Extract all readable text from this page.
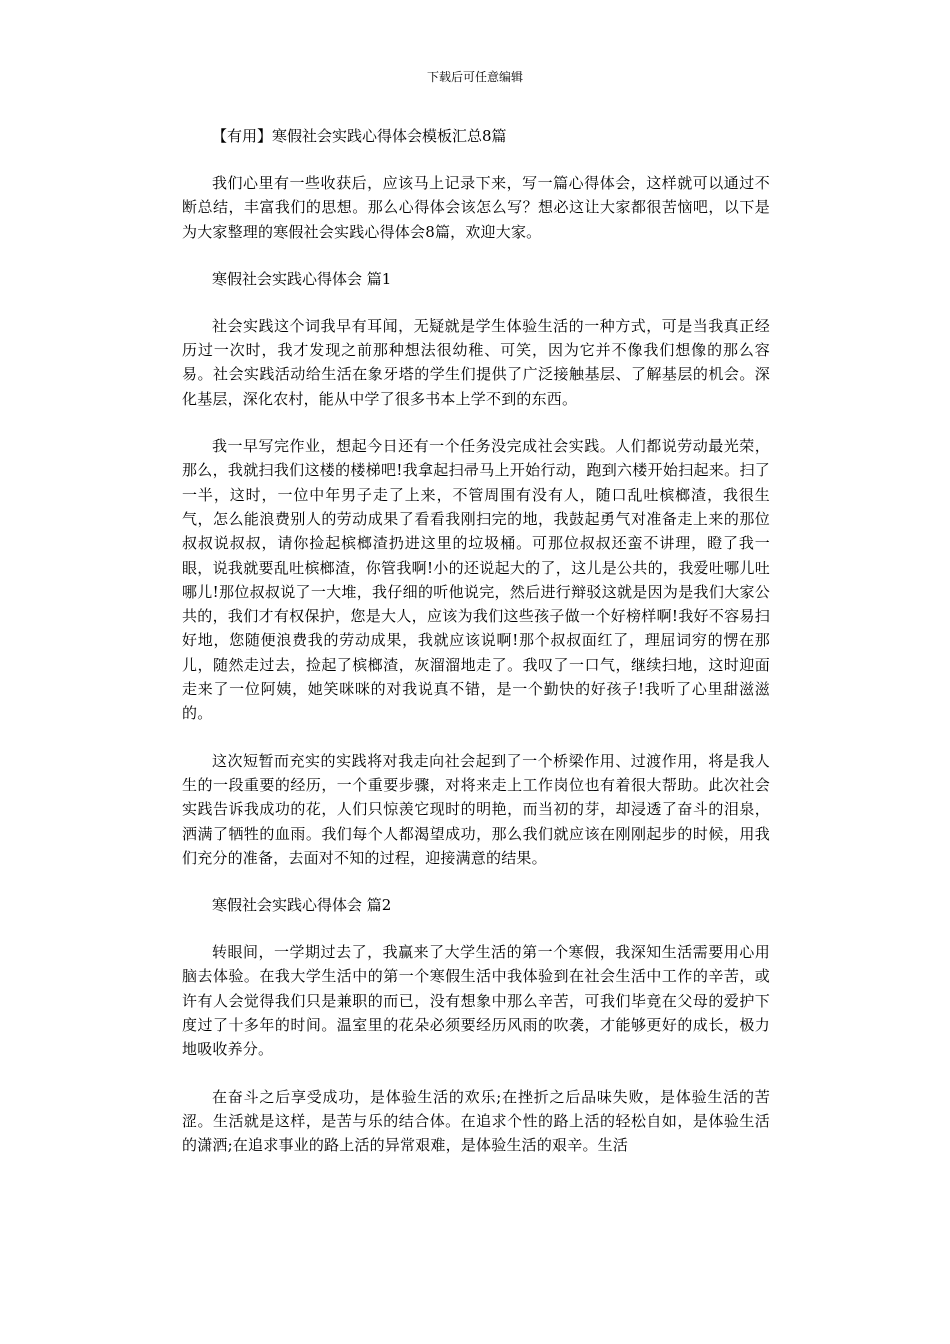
下载后可任意编辑

【有用】寒假社会实践心得体会模板汇总8篇

我们心里有一些收获后，应该马上记录下来，写一篇心得体会，这样就可以通过不断总结，丰富我们的思想。那么心得体会该怎么写？想必这让大家都很苦恼吧，以下是为大家整理的寒假社会实践心得体会8篇，欢迎大家。

寒假社会实践心得体会 篇1

社会实践这个词我早有耳闻，无疑就是学生体验生活的一种方式，可是当我真正经历过一次时，我才发现之前那种想法很幼稚、可笑，因为它并不像我们想像的那么容易。社会实践活动给生活在象牙塔的学生们提供了广泛接触基层、了解基层的机会。深化基层，深化农村，能从中学了很多书本上学不到的东西。

我一早写完作业，想起今日还有一个任务没完成社会实践。人们都说劳动最光荣，那么，我就扫我们这楼的楼梯吧!我拿起扫帚马上开始行动，跑到六楼开始扫起来。扫了一半，这时，一位中年男子走了上来，不管周围有没有人，随口乱吐槟榔渣，我很生气，怎么能浪费别人的劳动成果了看看我刚扫完的地，我鼓起勇气对准备走上来的那位叔叔说叔叔，请你捡起槟榔渣扔进这里的垃圾桶。可那位叔叔还蛮不讲理，瞪了我一眼，说我就要乱吐槟榔渣，你管我啊!小的还说起大的了，这儿是公共的，我爱吐哪儿吐哪儿!那位叔叔说了一大堆，我仔细的听他说完，然后进行辩驳这就是因为是我们大家公共的，我们才有权保护，您是大人，应该为我们这些孩子做一个好榜样啊!我好不容易扫好地，您随便浪费我的劳动成果，我就应该说啊!那个叔叔面红了，理屈词穷的愣在那儿，随然走过去，捡起了槟榔渣，灰溜溜地走了。我叹了一口气，继续扫地，这时迎面走来了一位阿姨，她笑咪咪的对我说真不错，是一个勤快的好孩子!我听了心里甜滋滋的。

这次短暂而充实的实践将对我走向社会起到了一个桥梁作用、过渡作用，将是我人生的一段重要的经历，一个重要步骤，对将来走上工作岗位也有着很大帮助。此次社会实践告诉我成功的花，人们只惊羡它现时的明艳，而当初的芽，却浸透了奋斗的泪泉，洒满了牺牲的血雨。我们每个人都渴望成功，那么我们就应该在刚刚起步的时候，用我们充分的准备，去面对不知的过程，迎接满意的结果。

寒假社会实践心得体会 篇2

转眼间，一学期过去了，我赢来了大学生活的第一个寒假，我深知生活需要用心用脑去体验。在我大学生活中的第一个寒假生活中我体验到在社会生活中工作的辛苦，或许有人会觉得我们只是兼职的而已，没有想象中那么辛苦，可我们毕竟在父母的爱护下度过了十多年的时间。温室里的花朵必须要经历风雨的吹袭，才能够更好的成长，极力地吸收养分。

在奋斗之后享受成功，是体验生活的欢乐;在挫折之后品味失败，是体验生活的苦涩。生活就是这样，是苦与乐的结合体。在追求个性的路上活的轻松自如，是体验生活的潇洒;在追求事业的路上活的异常艰难，是体验生活的艰辛。生活
